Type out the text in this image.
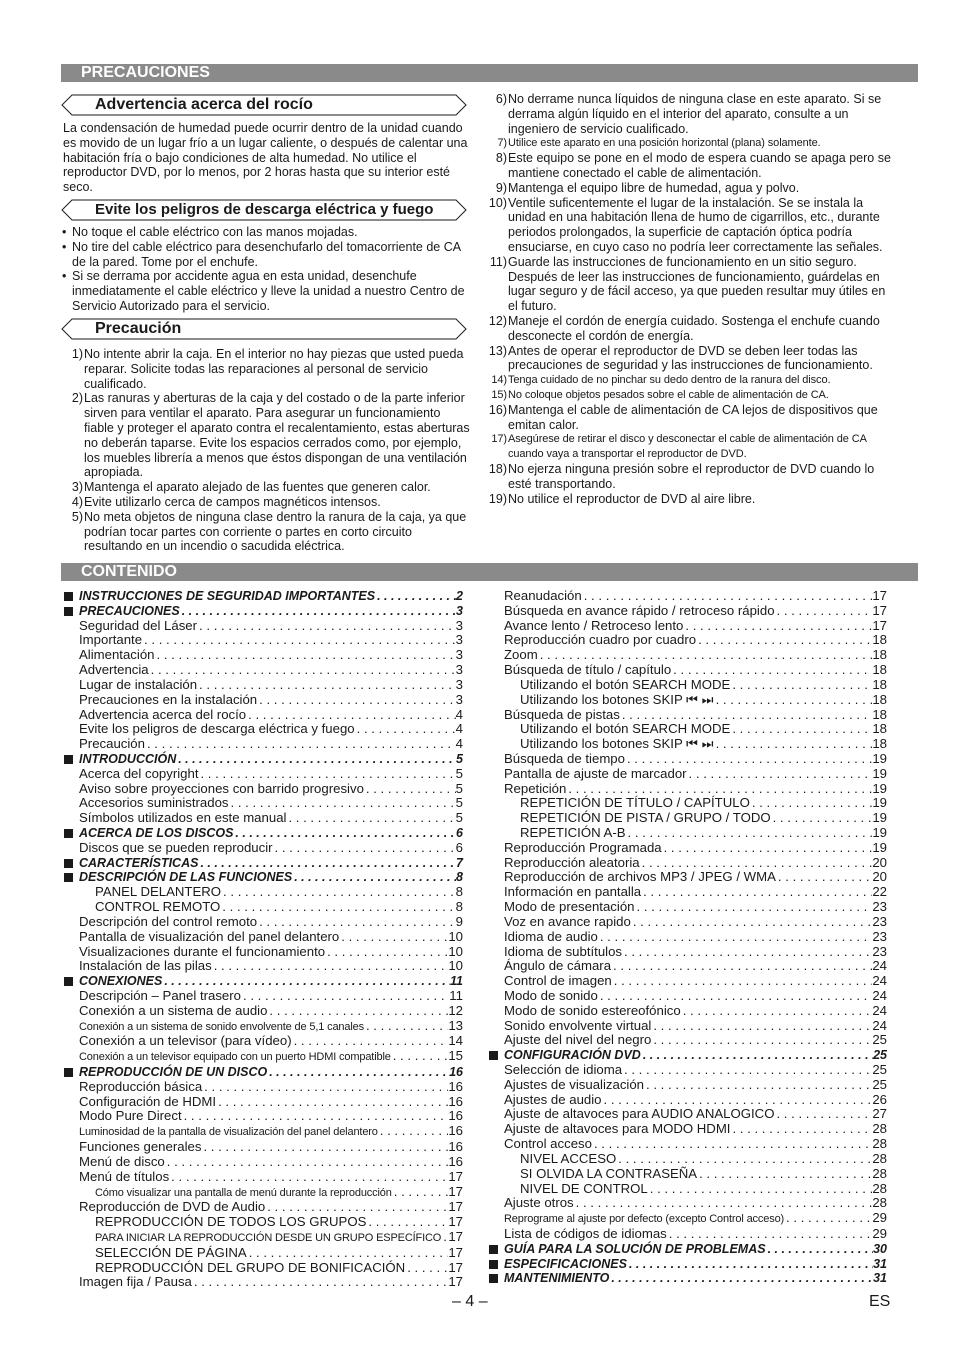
PRECAUCIONES
Advertencia acerca del rocío

La condensación de humedad puede ocurrir dentro de la unidad cuando es movido de un lugar frío a un lugar caliente, o después de calentar una habitación fría o bajo condiciones de alta humedad. No utilice el reproductor DVD, por lo menos, por 2 horas hasta que su interior esté seco.

Evite los peligros de descarga eléctrica y fuego
• No toque el cable eléctrico con las manos mojadas.
• No tire del cable eléctrico para desenchufarlo del tomacorriente de CA de la pared. Tome por el enchufe.
• Si se derrama por accidente agua en esta unidad, desenchufe inmediatamente el cable eléctrico y lleve la unidad a nuestro Centro de Servicio Autorizado para el servicio.
Precaución
1) No intente abrir la caja. En el interior no hay piezas que usted pueda reparar. Solicite todas las reparaciones al personal de servicio cualificado.
2) Las ranuras y aberturas de la caja y del costado o de la parte inferior sirven para ventilar el aparato. Para asegurar un funcionamiento fiable y proteger el aparato contra el recalentamiento, estas aberturas no deberán taparse. Evite los espacios cerrados como, por ejemplo, los muebles librería a menos que éstos dispongan de una ventilación apropiada.
3) Mantenga el aparato alejado de las fuentes que generen calor.
4) Evite utilizarlo cerca de campos magnéticos intensos.
5) No meta objetos de ninguna clase dentro la ranura de la caja, ya que podrían tocar partes con corriente o partes en corto circuito resultando en un incendio o sacudida eléctrica.
6) No derrame nunca líquidos de ninguna clase en este aparato. Si se derrama algún líquido en el interior del aparato, consulte a un ingeniero de servicio cualificado.
7) Utilice este aparato en una posición horizontal (plana) solamente.
8) Este equipo se pone en el modo de espera cuando se apaga pero se mantiene conectado el cable de alimentación.
9) Mantenga el equipo libre de humedad, agua y polvo.
10) Ventile suficentemente el lugar de la instalación. Se se instala la unidad en una habitación llena de humo de cigarrillos, etc., durante periodos prolongados, la superficie de captación óptica podría ensuciarse, en cuyo caso no podría leer correctamente las señales.
11) Guarde las instrucciones de funcionamiento en un sitio seguro. Después de leer las instrucciones de funcionamiento, guárdelas en lugar seguro y de fácil acceso, ya que pueden resultar muy útiles en el futuro.
12) Maneje el cordón de energía cuidado. Sostenga el enchufe cuando desconecte el cordón de energía.
13) Antes de operar el reproductor de DVD se deben leer todas las precauciones de seguridad y las instrucciones de funcionamiento.
14) Tenga cuidado de no pinchar su dedo dentro de la ranura del disco.
15) No coloque objetos pesados sobre el cable de alimentación de CA.
16) Mantenga el cable de alimentación de CA lejos de dispositivos que emitan calor.
17) Asegúrese de retirar el disco y desconectar el cable de alimentación de CA cuando vaya a transportar el reproductor de DVD.
18) No ejerza ninguna presión sobre el reproductor de DVD cuando lo esté transportando.
19) No utilice el reproductor de DVD al aire libre.
CONTENIDO
INSTRUCCIONES DE SEGURIDAD IMPORTANTES . . .	2
PRECAUCIONES . . .	3
Seguridad del Láser . . .	3
Importante . . .	3
Alimentación . . .	3
Advertencia . . .	3
Lugar de instalación . . .	3
Precauciones en la instalación . . .	3
Advertencia acerca del rocío . . .	4
Evite los peligros de descarga eléctrica y fuego . . .	4
Precaución . . .	4
INTRODUCCIÓN . . .	5
Acerca del copyright . . .	5
Aviso sobre proyecciones con barrido progresivo . . .	5
Accesorios suministrados . . .	5
Símbolos utilizados en este manual . . .	5
ACERCA DE LOS DISCOS . . .	6
Discos que se pueden reproducir . . .	6
CARACTERÍSTICAS . . .	7
DESCRIPCIÓN DE LAS FUNCIONES . . .	8
PANEL DELANTERO . . .	8
CONTROL REMOTO . . .	8
Descripción del control remoto . . .	9
Pantalla de visualización del panel delantero . . .	10
Visualizaciones durante el funcionamiento . . .	10
Instalación de las pilas . . .	10
CONEXIONES . . .	11
Descripción – Panel trasero . . .	11
Conexión a un sistema de audio . . .	12
Conexión a un sistema de sonido envolvente de 5,1 canales . . .	13
Conexión a un televisor (para vídeo) . . .	14
Conexión a un televisor equipado con un puerto HDMI compatible . . .	15
REPRODUCCIÓN DE UN DISCO . . .	16
Reproducción básica . . .	16
Configuración de HDMI . . .	16
Modo Pure Direct . . .	16
Luminosidad de la pantalla de visualización del panel delantero . . .	16
Funciones generales . . .	16
Menú de disco . . .	16
Menú de títulos . . .	17
Cómo visualizar una pantalla de menú durante la reproducción . . .	17
Reproducción de DVD de Audio . . .	17
REPRODUCCIÓN DE TODOS LOS GRUPOS . . .	17
PARA INICIAR LA REPRODUCCIÓN DESDE UN GRUPO ESPECÍFICO . . . 17
SELECCIÓN DE PÁGINA . . .	17
REPRODUCCIÓN DEL GRUPO DE BONIFICACIÓN . . .	17
Imagen fija / Pausa . . .	17
Reanudación . . .	17
Búsqueda en avance rápido / retroceso rápido . . .	17
Avance lento / Retroceso lento . . .	17
Reproducción cuadro por cuadro . . .	18
Zoom . . .	18
Búsqueda de título / capítulo . . .	18
Utilizando el botón SEARCH MODE . . .	18
Utilizando los botones SKIP ⏮ ⏭ . . .	18
Búsqueda de pistas . . .	18
Utilizando el botón SEARCH MODE . . .	18
Utilizando los botones SKIP ⏮ ⏭ . . .	18
Búsqueda de tiempo . . .	19
Pantalla de ajuste de marcador . . .	19
Repetición . . .	19
REPETICIÓN DE TÍTULO / CAPÍTULO . . .	19
REPETICIÓN DE PISTA / GRUPO / TODO . . .	19
REPETICIÓN A-B . . .	19
Reproducción Programada . . .	19
Reproducción aleatoria . . .	20
Reproducción de archivos MP3 / JPEG / WMA . . .	20
Información en pantalla . . .	22
Modo de presentación . . .	23
Voz en avance rapido . . .	23
Idioma de audio . . .	23
Idioma de subtítulos . . .	23
Ángulo de cámara . . .	24
Control de imagen . . .	24
Modo de sonido . . .	24
Modo de sonido estereofónico . . .	24
Sonido envolvente virtual . . .	24
Ajuste del nivel del negro . . .	25
CONFIGURACIÓN DVD . . .	25
Selección de idioma . . .	25
Ajustes de visualización . . .	25
Ajustes de audio . . .	26
Ajuste de altavoces para AUDIO ANALOGICO . . .	27
Ajuste de altavoces para MODO HDMI . . .	28
Control acceso . . .	28
NIVEL ACCESO . . .	28
SI OLVIDA LA CONTRASEÑA . . .	28
NIVEL DE CONTROL . . .	28
Ajuste otros . . .	28
Reprograme al ajuste por defecto (excepto Control acceso) . . .	29
Lista de códigos de idiomas . . .	29
GUÍA PARA LA SOLUCIÓN DE PROBLEMAS . . .	30
ESPECIFICACIONES . . .	31
MANTENIMIENTO . . .	31
– 4 –	ES
